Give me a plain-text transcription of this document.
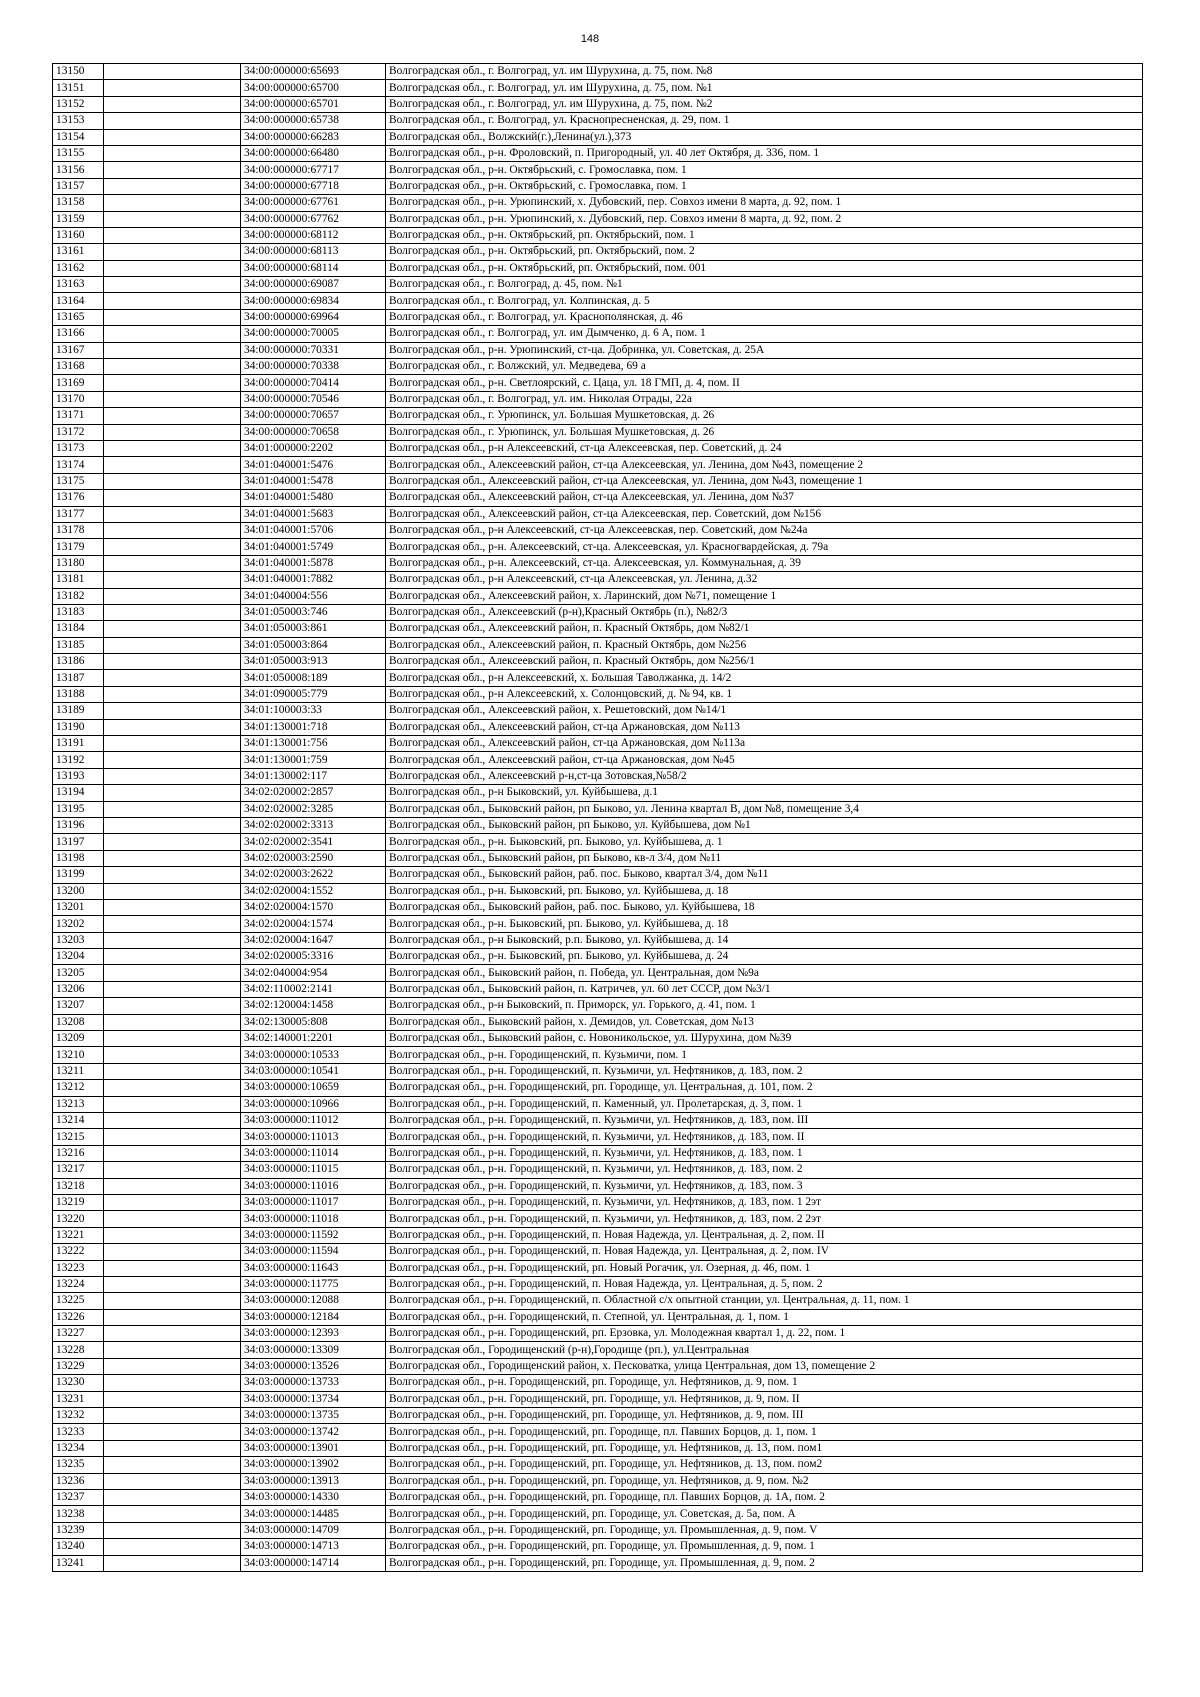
148
13150		34:00:000000:65693	Волгоградская обл., г. Волгоград, ул. им Шурухина, д. 75, пом. №8
13151		34:00:000000:65700	Волгоградская обл., г. Волгоград, ул. им Шурухина, д. 75, пом. №1
13152		34:00:000000:65701	Волгоградская обл., г. Волгоград, ул. им Шурухина, д. 75, пом. №2
13153		34:00:000000:65738	Волгоградская обл., г. Волгоград, ул. Краснопресненская, д. 29, пом. 1
13154		34:00:000000:66283	Волгоградская обл., Волжский(г.),Ленина(ул.),373
13155		34:00:000000:66480	Волгоградская обл., р-н. Фроловский, п. Пригородный, ул. 40 лет Октября, д. 336, пом. 1
13156		34:00:000000:67717	Волгоградская обл., р-н. Октябрьский, с. Громославка, пом. 1
13157		34:00:000000:67718	Волгоградская обл., р-н. Октябрьский, с. Громославка, пом. 1
13158		34:00:000000:67761	Волгоградская обл., р-н. Урюпинский, х. Дубовский, пер. Совхоз имени 8 марта, д. 92, пом. 1
13159		34:00:000000:67762	Волгоградская обл., р-н. Урюпинский, х. Дубовский, пер. Совхоз имени 8 марта, д. 92, пом. 2
13160		34:00:000000:68112	Волгоградская обл., р-н. Октябрьский, рп. Октябрьский, пом. 1
13161		34:00:000000:68113	Волгоградская обл., р-н. Октябрьский, рп. Октябрьский, пом. 2
13162		34:00:000000:68114	Волгоградская обл., р-н. Октябрьский, рп. Октябрьский, пом. 001
13163		34:00:000000:69087	Волгоградская обл., г. Волгоград, д. 45, пом. №1
13164		34:00:000000:69834	Волгоградская обл., г. Волгоград, ул. Колпинская, д. 5
13165		34:00:000000:69964	Волгоградская обл., г. Волгоград, ул. Краснополянская, д. 46
13166		34:00:000000:70005	Волгоградская обл., г. Волгоград, ул. им Дымченко, д. 6 А, пом. 1
13167		34:00:000000:70331	Волгоградская обл., р-н. Урюпинский, ст-ца. Добринка, ул. Советская, д. 25А
13168		34:00:000000:70338	Волгоградская обл., г. Волжский, ул. Медведева, 69 а
13169		34:00:000000:70414	Волгоградская обл., р-н. Светлоярский, с. Цаца, ул. 18 ГМП, д. 4, пом. II
13170		34:00:000000:70546	Волгоградская обл., г. Волгоград, ул. им. Николая Отрады, 22а
13171		34:00:000000:70657	Волгоградская обл., г. Урюпинск, ул. Большая Мушкетовская, д. 26
13172		34:00:000000:70658	Волгоградская обл., г. Урюпинск, ул. Большая Мушкетовская, д. 26
13173		34:01:000000:2202	Волгоградская обл., р-н Алексеевский, ст-ца Алексеевская, пер. Советский, д. 24
13174		34:01:040001:5476	Волгоградская обл., Алексеевский район, ст-ца Алексеевская, ул. Ленина, дом №43, помещение 2
13175		34:01:040001:5478	Волгоградская обл., Алексеевский район, ст-ца Алексеевская, ул. Ленина, дом №43, помещение 1
13176		34:01:040001:5480	Волгоградская обл., Алексеевский район, ст-ца Алексеевская, ул. Ленина, дом №37
13177		34:01:040001:5683	Волгоградская обл., Алексеевский район, ст-ца Алексеевская, пер. Советский, дом №156
13178		34:01:040001:5706	Волгоградская обл., р-н Алексеевский, ст-ца Алексеевская, пер. Советский, дом №24а
13179		34:01:040001:5749	Волгоградская обл., р-н. Алексеевский, ст-ца. Алексеевская, ул. Красногвардейская, д. 79а
13180		34:01:040001:5878	Волгоградская обл., р-н. Алексеевский, ст-ца. Алексеевская, ул. Коммунальная, д. 39
13181		34:01:040001:7882	Волгоградская обл., р-н Алексеевский, ст-ца Алексеевская, ул. Ленина, д.32
13182		34:01:040004:556	Волгоградская обл., Алексеевский район, х. Ларинский, дом №71, помещение 1
13183		34:01:050003:746	Волгоградская обл., Алексеевский (р-н),Красный Октябрь (п.), №82/3
13184		34:01:050003:861	Волгоградская обл., Алексеевский район, п. Красный Октябрь, дом №82/1
13185		34:01:050003:864	Волгоградская обл., Алексеевский район, п. Красный Октябрь, дом №256
13186		34:01:050003:913	Волгоградская обл., Алексеевский район, п. Красный Октябрь, дом №256/1
13187		34:01:050008:189	Волгоградская обл., р-н Алексеевский, х. Большая Таволжанка, д. 14/2
13188		34:01:090005:779	Волгоградская обл., р-н Алексеевский, х. Солонцовский, д. № 94, кв. 1
13189		34:01:100003:33	Волгоградская обл., Алексеевский район, х. Решетовский, дом №14/1
13190		34:01:130001:718	Волгоградская обл., Алексеевский район, ст-ца Аржановская, дом №113
13191		34:01:130001:756	Волгоградская обл., Алексеевский район, ст-ца Аржановская, дом №113а
13192		34:01:130001:759	Волгоградская обл., Алексеевский район, ст-ца Аржановская, дом №45
13193		34:01:130002:117	Волгоградская обл., Алексеевский р-н,ст-ца Зотовская,№58/2
13194		34:02:020002:2857	Волгоградская обл., р-н Быковский, ул. Куйбышева, д.1
13195		34:02:020002:3285	Волгоградская обл., Быковский район, рп Быково, ул. Ленина квартал В, дом №8, помещение 3,4
13196		34:02:020002:3313	Волгоградская обл., Быковский район, рп Быково, ул. Куйбышева, дом №1
13197		34:02:020002:3541	Волгоградская обл., р-н. Быковский, рп. Быково, ул. Куйбышева, д. 1
13198		34:02:020003:2590	Волгоградская обл., Быковский район, рп Быково, кв-л 3/4, дом №11
13199		34:02:020003:2622	Волгоградская обл., Быковский район, раб. пос. Быково, квартал 3/4, дом №11
13200		34:02:020004:1552	Волгоградская обл., р-н. Быковский, рп. Быково, ул. Куйбышева, д. 18
13201		34:02:020004:1570	Волгоградская обл., Быковский район, раб. пос. Быково, ул. Куйбышева, 18
13202		34:02:020004:1574	Волгоградская обл., р-н. Быковский, рп. Быково, ул. Куйбышева, д. 18
13203		34:02:020004:1647	Волгоградская обл., р-н Быковский, р.п. Быково, ул. Куйбышева, д. 14
13204		34:02:020005:3316	Волгоградская обл., р-н. Быковский, рп. Быково, ул. Куйбышева, д. 24
13205		34:02:040004:954	Волгоградская обл., Быковский район, п. Победа, ул. Центральная, дом №9а
13206		34:02:110002:2141	Волгоградская обл., Быковский район, п. Катричев, ул. 60 лет СССР, дом №3/1
13207		34:02:120004:1458	Волгоградская обл., р-н Быковский, п. Приморск, ул. Горького, д. 41, пом. 1
13208		34:02:130005:808	Волгоградская обл., Быковский район, х. Демидов, ул. Советская, дом №13
13209		34:02:140001:2201	Волгоградская обл., Быковский район, с. Новоникольское, ул. Шурухина, дом №39
13210		34:03:000000:10533	Волгоградская обл., р-н. Городищенский, п. Кузьмичи, пом. 1
13211		34:03:000000:10541	Волгоградская обл., р-н. Городищенский, п. Кузьмичи, ул. Нефтяников, д. 183, пом. 2
13212		34:03:000000:10659	Волгоградская обл., р-н. Городищенский, рп. Городище, ул. Центральная, д. 101, пом. 2
13213		34:03:000000:10966	Волгоградская обл., р-н. Городищенский, п. Каменный, ул. Пролетарская, д. 3, пом. 1
13214		34:03:000000:11012	Волгоградская обл., р-н. Городищенский, п. Кузьмичи, ул. Нефтяников, д. 183, пом. III
13215		34:03:000000:11013	Волгоградская обл., р-н. Городищенский, п. Кузьмичи, ул. Нефтяников, д. 183, пом. II
13216		34:03:000000:11014	Волгоградская обл., р-н. Городищенский, п. Кузьмичи, ул. Нефтяников, д. 183, пом. 1
13217		34:03:000000:11015	Волгоградская обл., р-н. Городищенский, п. Кузьмичи, ул. Нефтяников, д. 183, пом. 2
13218		34:03:000000:11016	Волгоградская обл., р-н. Городищенский, п. Кузьмичи, ул. Нефтяников, д. 183, пом. 3
13219		34:03:000000:11017	Волгоградская обл., р-н. Городищенский, п. Кузьмичи, ул. Нефтяников, д. 183, пом. 1 2эт
13220		34:03:000000:11018	Волгоградская обл., р-н. Городищенский, п. Кузьмичи, ул. Нефтяников, д. 183, пом. 2 2эт
13221		34:03:000000:11592	Волгоградская обл., р-н. Городищенский, п. Новая Надежда, ул. Центральная, д. 2, пом. II
13222		34:03:000000:11594	Волгоградская обл., р-н. Городищенский, п. Новая Надежда, ул. Центральная, д. 2, пом. IV
13223		34:03:000000:11643	Волгоградская обл., р-н. Городищенский, рп. Новый Рогачик, ул. Озерная, д. 46, пом. 1
13224		34:03:000000:11775	Волгоградская обл., р-н. Городищенский, п. Новая Надежда, ул. Центральная, д. 5, пом. 2
13225		34:03:000000:12088	Волгоградская обл., р-н. Городищенский, п. Областной с/х опытной станции, ул. Центральная, д. 11, пом. 1
13226		34:03:000000:12184	Волгоградская обл., р-н. Городищенский, п. Степной, ул. Центральная, д. 1, пом. 1
13227		34:03:000000:12393	Волгоградская обл., р-н. Городищенский, рп. Ерзовка, ул. Молодежная квартал 1, д. 22, пом. 1
13228		34:03:000000:13309	Волгоградская обл., Городищенский (р-н),Городище (рп.), ул.Центральная
13229		34:03:000000:13526	Волгоградская обл., Городищенский район, х. Песковатка, улица Центральная, дом 13, помещение 2
13230		34:03:000000:13733	Волгоградская обл., р-н. Городищенский, рп. Городище, ул. Нефтяников, д. 9, пом. 1
13231		34:03:000000:13734	Волгоградская обл., р-н. Городищенский, рп. Городище, ул. Нефтяников, д. 9, пом. II
13232		34:03:000000:13735	Волгоградская обл., р-н. Городищенский, рп. Городище, ул. Нефтяников, д. 9, пом. III
13233		34:03:000000:13742	Волгоградская обл., р-н. Городищенский, рп. Городище, пл. Павших Борцов, д. 1, пом. 1
13234		34:03:000000:13901	Волгоградская обл., р-н. Городищенский, рп. Городище, ул. Нефтяников, д. 13, пом. пом1
13235		34:03:000000:13902	Волгоградская обл., р-н. Городищенский, рп. Городище, ул. Нефтяников, д. 13, пом. пом2
13236		34:03:000000:13913	Волгоградская обл., р-н. Городищенский, рп. Городище, ул. Нефтяников, д. 9, пом. №2
13237		34:03:000000:14330	Волгоградская обл., р-н. Городищенский, рп. Городище, пл. Павших Борцов, д. 1А, пом. 2
13238		34:03:000000:14485	Волгоградская обл., р-н. Городищенский, рп. Городище, ул. Советская, д. 5а, пом. А
13239		34:03:000000:14709	Волгоградская обл., р-н. Городищенский, рп. Городище, ул. Промышленная, д. 9, пом. V
13240		34:03:000000:14713	Волгоградская обл., р-н. Городищенский, рп. Городище, ул. Промышленная, д. 9, пом. 1
13241		34:03:000000:14714	Волгоградская обл., р-н. Городищенский, рп. Городище, ул. Промышленная, д. 9, пом. 2
